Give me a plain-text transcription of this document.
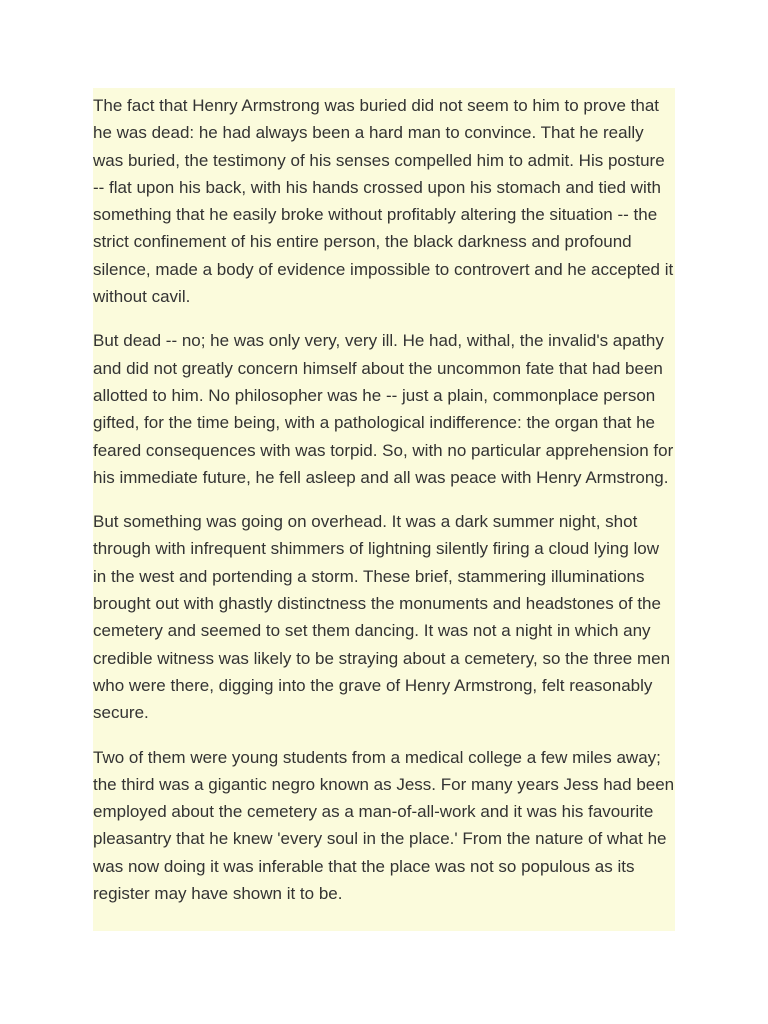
The fact that Henry Armstrong was buried did not seem to him to prove that he was dead: he had always been a hard man to convince. That he really was buried, the testimony of his senses compelled him to admit. His posture -- flat upon his back, with his hands crossed upon his stomach and tied with something that he easily broke without profitably altering the situation -- the strict confinement of his entire person, the black darkness and profound silence, made a body of evidence impossible to controvert and he accepted it without cavil.

But dead -- no; he was only very, very ill. He had, withal, the invalid's apathy and did not greatly concern himself about the uncommon fate that had been allotted to him. No philosopher was he -- just a plain, commonplace person gifted, for the time being, with a pathological indifference: the organ that he feared consequences with was torpid. So, with no particular apprehension for his immediate future, he fell asleep and all was peace with Henry Armstrong.

But something was going on overhead. It was a dark summer night, shot through with infrequent shimmers of lightning silently firing a cloud lying low in the west and portending a storm. These brief, stammering illuminations brought out with ghastly distinctness the monuments and headstones of the cemetery and seemed to set them dancing. It was not a night in which any credible witness was likely to be straying about a cemetery, so the three men who were there, digging into the grave of Henry Armstrong, felt reasonably secure.

Two of them were young students from a medical college a few miles away; the third was a gigantic negro known as Jess. For many years Jess had been employed about the cemetery as a man-of-all-work and it was his favourite pleasantry that he knew 'every soul in the place.' From the nature of what he was now doing it was inferable that the place was not so populous as its register may have shown it to be.
